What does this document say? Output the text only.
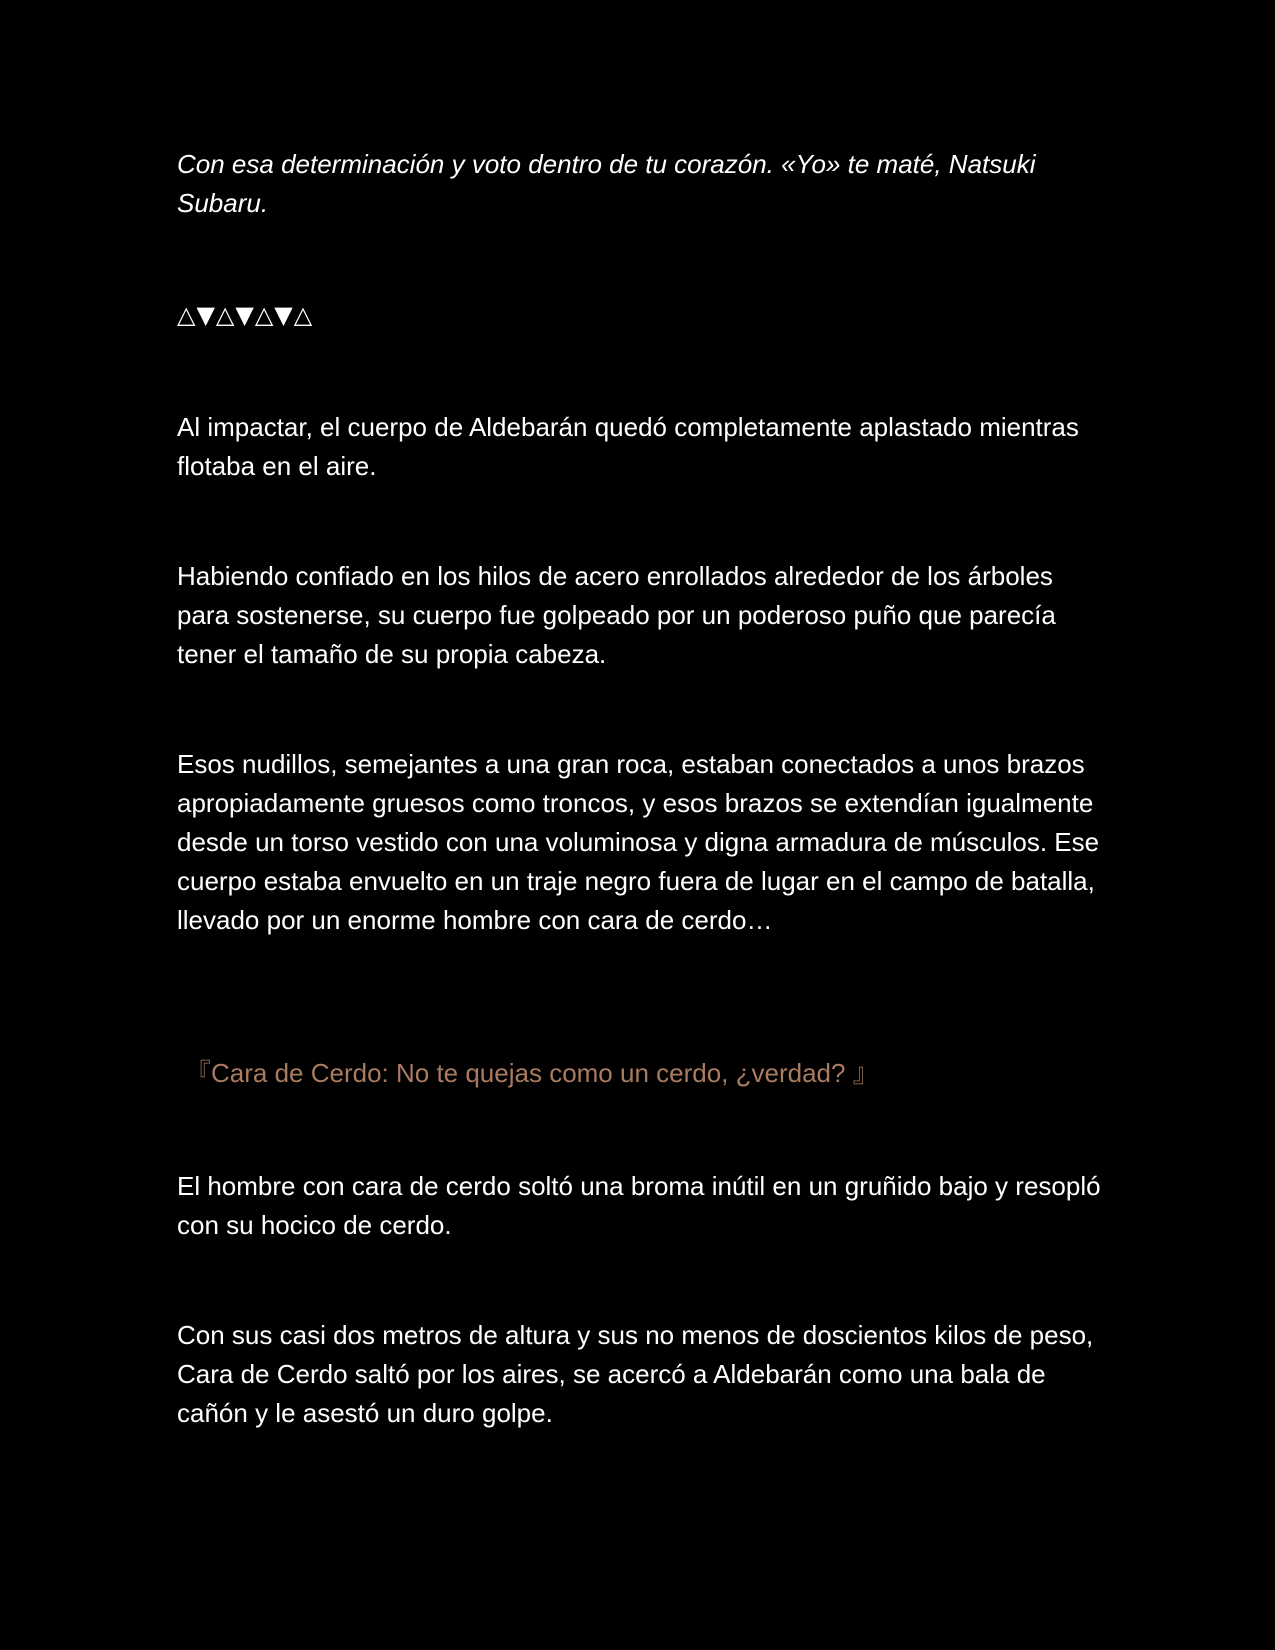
Con esa determinación y voto dentro de tu corazón. «Yo» te maté, Natsuki Subaru.

△▼△▼△▼△

Al impactar, el cuerpo de Aldebarán quedó completamente aplastado mientras flotaba en el aire.

Habiendo confiado en los hilos de acero enrollados alrededor de los árboles para sostenerse, su cuerpo fue golpeado por un poderoso puño que parecía tener el tamaño de su propia cabeza.

Esos nudillos, semejantes a una gran roca, estaban conectados a unos brazos apropiadamente gruesos como troncos, y esos brazos se extendían igualmente desde un torso vestido con una voluminosa y digna armadura de músculos. Ese cuerpo estaba envuelto en un traje negro fuera de lugar en el campo de batalla, llevado por un enorme hombre con cara de cerdo…

『Cara de Cerdo: No te quejas como un cerdo, ¿verdad? 』

El hombre con cara de cerdo soltó una broma inútil en un gruñido bajo y resopló con su hocico de cerdo.

Con sus casi dos metros de altura y sus no menos de doscientos kilos de peso, Cara de Cerdo saltó por los aires, se acercó a Aldebarán como una bala de cañón y le asestó un duro golpe.
